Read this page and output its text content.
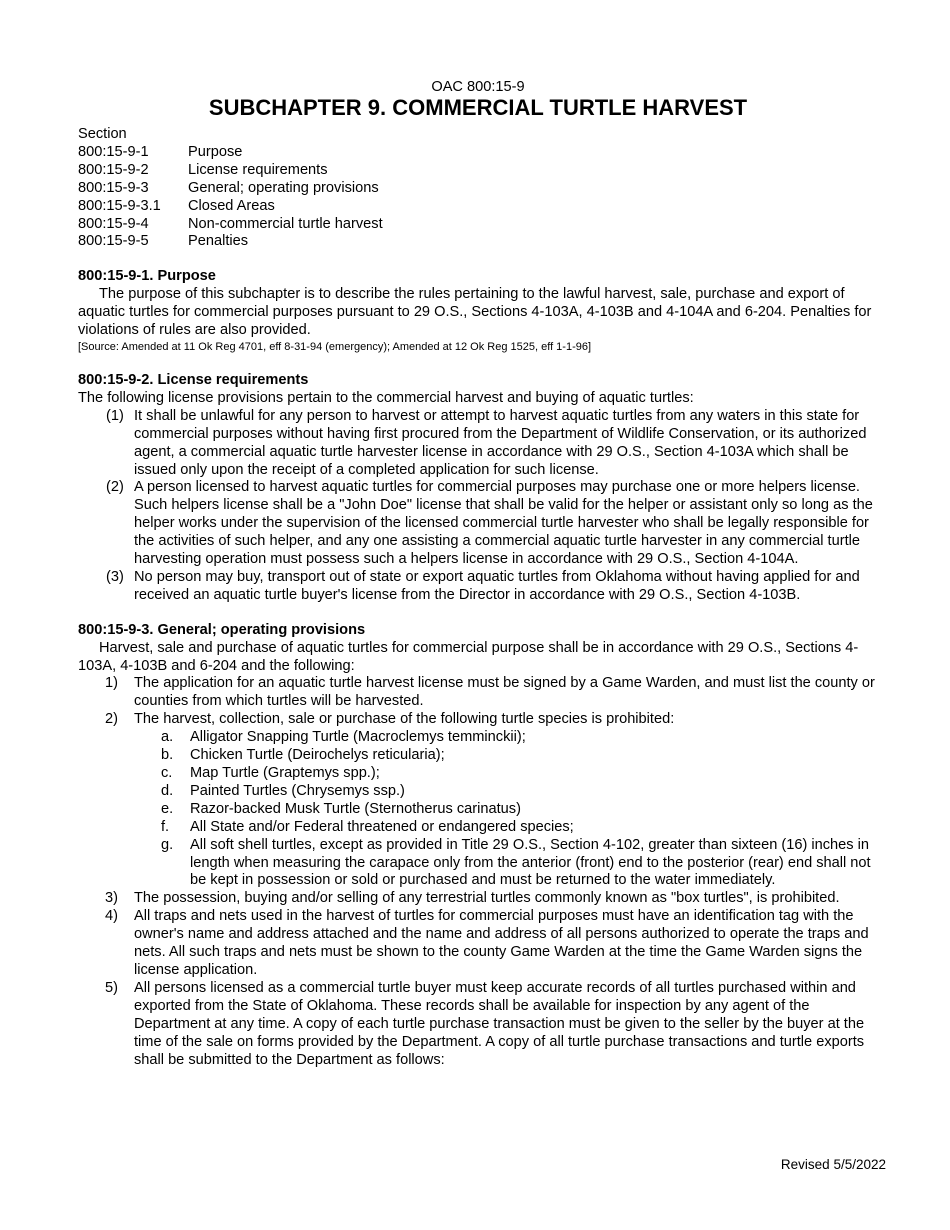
OAC 800:15-9
SUBCHAPTER 9. COMMERCIAL TURTLE HARVEST
Section
800:15-9-1	Purpose
800:15-9-2	License requirements
800:15-9-3	General; operating provisions
800:15-9-3.1	Closed Areas
800:15-9-4	Non-commercial turtle harvest
800:15-9-5	Penalties
800:15-9-1. Purpose

The purpose of this subchapter is to describe the rules pertaining to the lawful harvest, sale, purchase and export of aquatic turtles for commercial purposes pursuant to 29 O.S., Sections 4-103A, 4-103B and 4-104A and 6-204. Penalties for violations of rules are also provided.

[Source: Amended at 11 Ok Reg 4701, eff 8-31-94 (emergency); Amended at 12 Ok Reg 1525, eff 1-1-96]

800:15-9-2. License requirements

The following license provisions pertain to the commercial harvest and buying of aquatic turtles:

(1) It shall be unlawful for any person to harvest or attempt to harvest aquatic turtles from any waters in this state for commercial purposes without having first procured from the Department of Wildlife Conservation, or its authorized agent, a commercial aquatic turtle harvester license in accordance with 29 O.S., Section 4-103A which shall be issued only upon the receipt of a completed application for such license.
(2) A person licensed to harvest aquatic turtles for commercial purposes may purchase one or more helpers license. Such helpers license shall be a "John Doe" license that shall be valid for the helper or assistant only so long as the helper works under the supervision of the licensed commercial turtle harvester who shall be legally responsible for the activities of such helper, and any one assisting a commercial aquatic turtle harvester in any commercial turtle harvesting operation must possess such a helpers license in accordance with 29 O.S., Section 4-104A.
(3) No person may buy, transport out of state or export aquatic turtles from Oklahoma without having applied for and received an aquatic turtle buyer's license from the Director in accordance with 29 O.S., Section 4-103B.
800:15-9-3. General; operating provisions

Harvest, sale and purchase of aquatic turtles for commercial purpose shall be in accordance with 29 O.S., Sections 4-103A, 4-103B and 6-204 and the following:

1) The application for an aquatic turtle harvest license must be signed by a Game Warden, and must list the county or counties from which turtles will be harvested.
2) The harvest, collection, sale or purchase of the following turtle species is prohibited:
a. Alligator Snapping Turtle (Macroclemys temminckii);
b. Chicken Turtle (Deirochelys reticularia);
c. Map Turtle (Graptemys spp.);
d. Painted Turtles (Chrysemys ssp.)
e. Razor-backed Musk Turtle (Sternotherus carinatus)
f. All State and/or Federal threatened or endangered species;
g. All soft shell turtles, except as provided in Title 29 O.S., Section 4-102, greater than sixteen (16) inches in length when measuring the carapace only from the anterior (front) end to the posterior (rear) end shall not be kept in possession or sold or purchased and must be returned to the water immediately.
3) The possession, buying and/or selling of any terrestrial turtles commonly known as "box turtles", is prohibited.
4) All traps and nets used in the harvest of turtles for commercial purposes must have an identification tag with the owner's name and address attached and the name and address of all persons authorized to operate the traps and nets. All such traps and nets must be shown to the county Game Warden at the time the Game Warden signs the license application.
5) All persons licensed as a commercial turtle buyer must keep accurate records of all turtles purchased within and exported from the State of Oklahoma. These records shall be available for inspection by any agent of the Department at any time. A copy of each turtle purchase transaction must be given to the seller by the buyer at the time of the sale on forms provided by the Department. A copy of all turtle purchase transactions and turtle exports shall be submitted to the Department as follows:
Revised 5/5/2022
